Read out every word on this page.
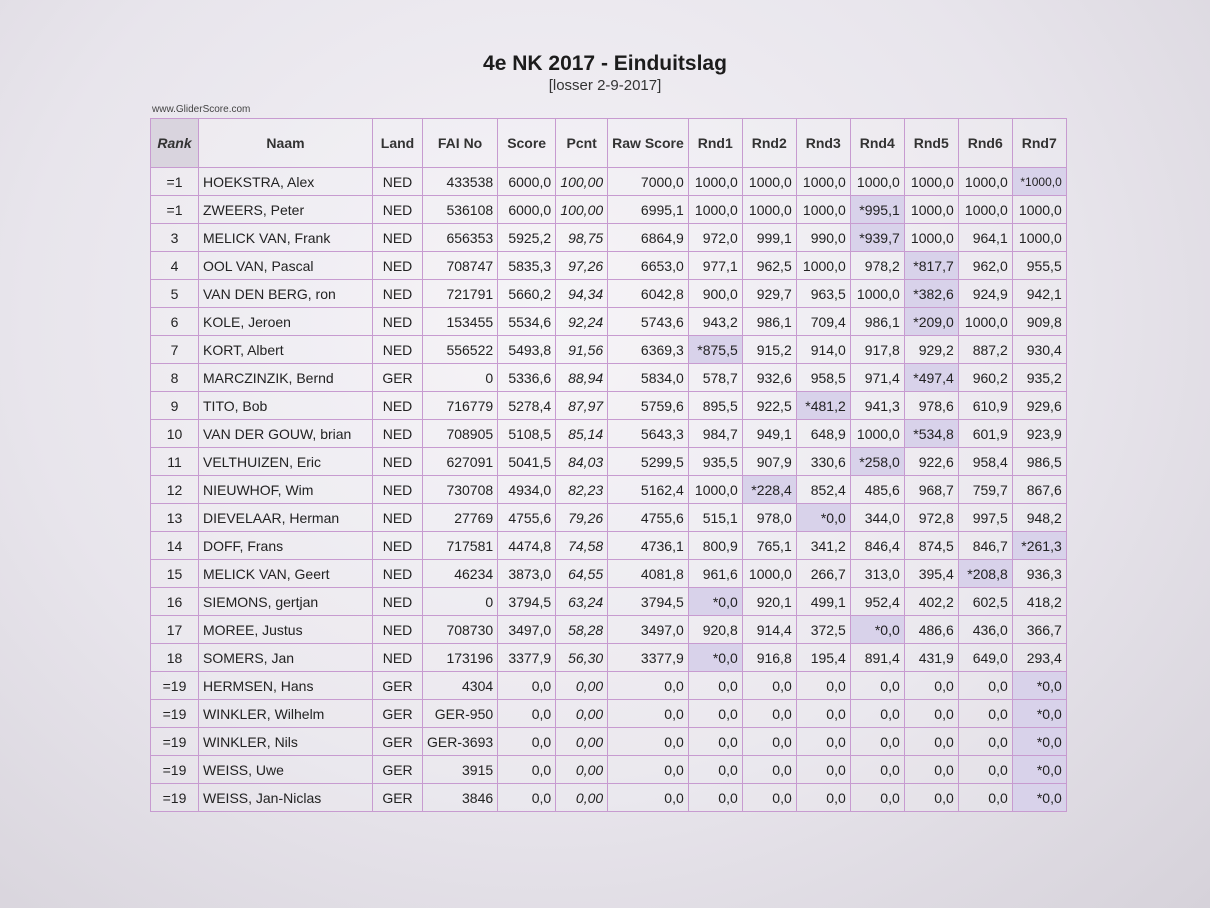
4e NK 2017 - Einduitslag
[losser 2-9-2017]
www.GliderScore.com
Rank	Naam	Land	FAI No	Score	Pcnt	Raw Score	Rnd1	Rnd2	Rnd3	Rnd4	Rnd5	Rnd6	Rnd7
=1	HOEKSTRA, Alex	NED	433538	6000,0	100,00	7000,0	1000,0	1000,0	1000,0	1000,0	1000,0	1000,0	*1000,0
=1	ZWEERS, Peter	NED	536108	6000,0	100,00	6995,1	1000,0	1000,0	1000,0	*995,1	1000,0	1000,0	1000,0
3	MELICK VAN, Frank	NED	656353	5925,2	98,75	6864,9	972,0	999,1	990,0	*939,7	1000,0	964,1	1000,0
4	OOL VAN, Pascal	NED	708747	5835,3	97,26	6653,0	977,1	962,5	1000,0	978,2	*817,7	962,0	955,5
5	VAN DEN BERG, ron	NED	721791	5660,2	94,34	6042,8	900,0	929,7	963,5	1000,0	*382,6	924,9	942,1
6	KOLE, Jeroen	NED	153455	5534,6	92,24	5743,6	943,2	986,1	709,4	986,1	*209,0	1000,0	909,8
7	KORT, Albert	NED	556522	5493,8	91,56	6369,3	*875,5	915,2	914,0	917,8	929,2	887,2	930,4
8	MARCZINZIK, Bernd	GER	0	5336,6	88,94	5834,0	578,7	932,6	958,5	971,4	*497,4	960,2	935,2
9	TITO, Bob	NED	716779	5278,4	87,97	5759,6	895,5	922,5	*481,2	941,3	978,6	610,9	929,6
10	VAN DER GOUW, brian	NED	708905	5108,5	85,14	5643,3	984,7	949,1	648,9	1000,0	*534,8	601,9	923,9
11	VELTHUIZEN, Eric	NED	627091	5041,5	84,03	5299,5	935,5	907,9	330,6	*258,0	922,6	958,4	986,5
12	NIEUWHOF, Wim	NED	730708	4934,0	82,23	5162,4	1000,0	*228,4	852,4	485,6	968,7	759,7	867,6
13	DIEVELAAR, Herman	NED	27769	4755,6	79,26	4755,6	515,1	978,0	*0,0	344,0	972,8	997,5	948,2
14	DOFF, Frans	NED	717581	4474,8	74,58	4736,1	800,9	765,1	341,2	846,4	874,5	846,7	*261,3
15	MELICK VAN, Geert	NED	46234	3873,0	64,55	4081,8	961,6	1000,0	266,7	313,0	395,4	*208,8	936,3
16	SIEMONS, gertjan	NED	0	3794,5	63,24	3794,5	*0,0	920,1	499,1	952,4	402,2	602,5	418,2
17	MOREE, Justus	NED	708730	3497,0	58,28	3497,0	920,8	914,4	372,5	*0,0	486,6	436,0	366,7
18	SOMERS, Jan	NED	173196	3377,9	56,30	3377,9	*0,0	916,8	195,4	891,4	431,9	649,0	293,4
=19	HERMSEN, Hans	GER	4304	0,0	0,00	0,0	0,0	0,0	0,0	0,0	0,0	0,0	*0,0
=19	WINKLER, Wilhelm	GER	GER-950	0,0	0,00	0,0	0,0	0,0	0,0	0,0	0,0	0,0	*0,0
=19	WINKLER, Nils	GER	GER-3693	0,0	0,00	0,0	0,0	0,0	0,0	0,0	0,0	0,0	*0,0
=19	WEISS, Uwe	GER	3915	0,0	0,00	0,0	0,0	0,0	0,0	0,0	0,0	0,0	*0,0
=19	WEISS, Jan-Niclas	GER	3846	0,0	0,00	0,0	0,0	0,0	0,0	0,0	0,0	0,0	*0,0
